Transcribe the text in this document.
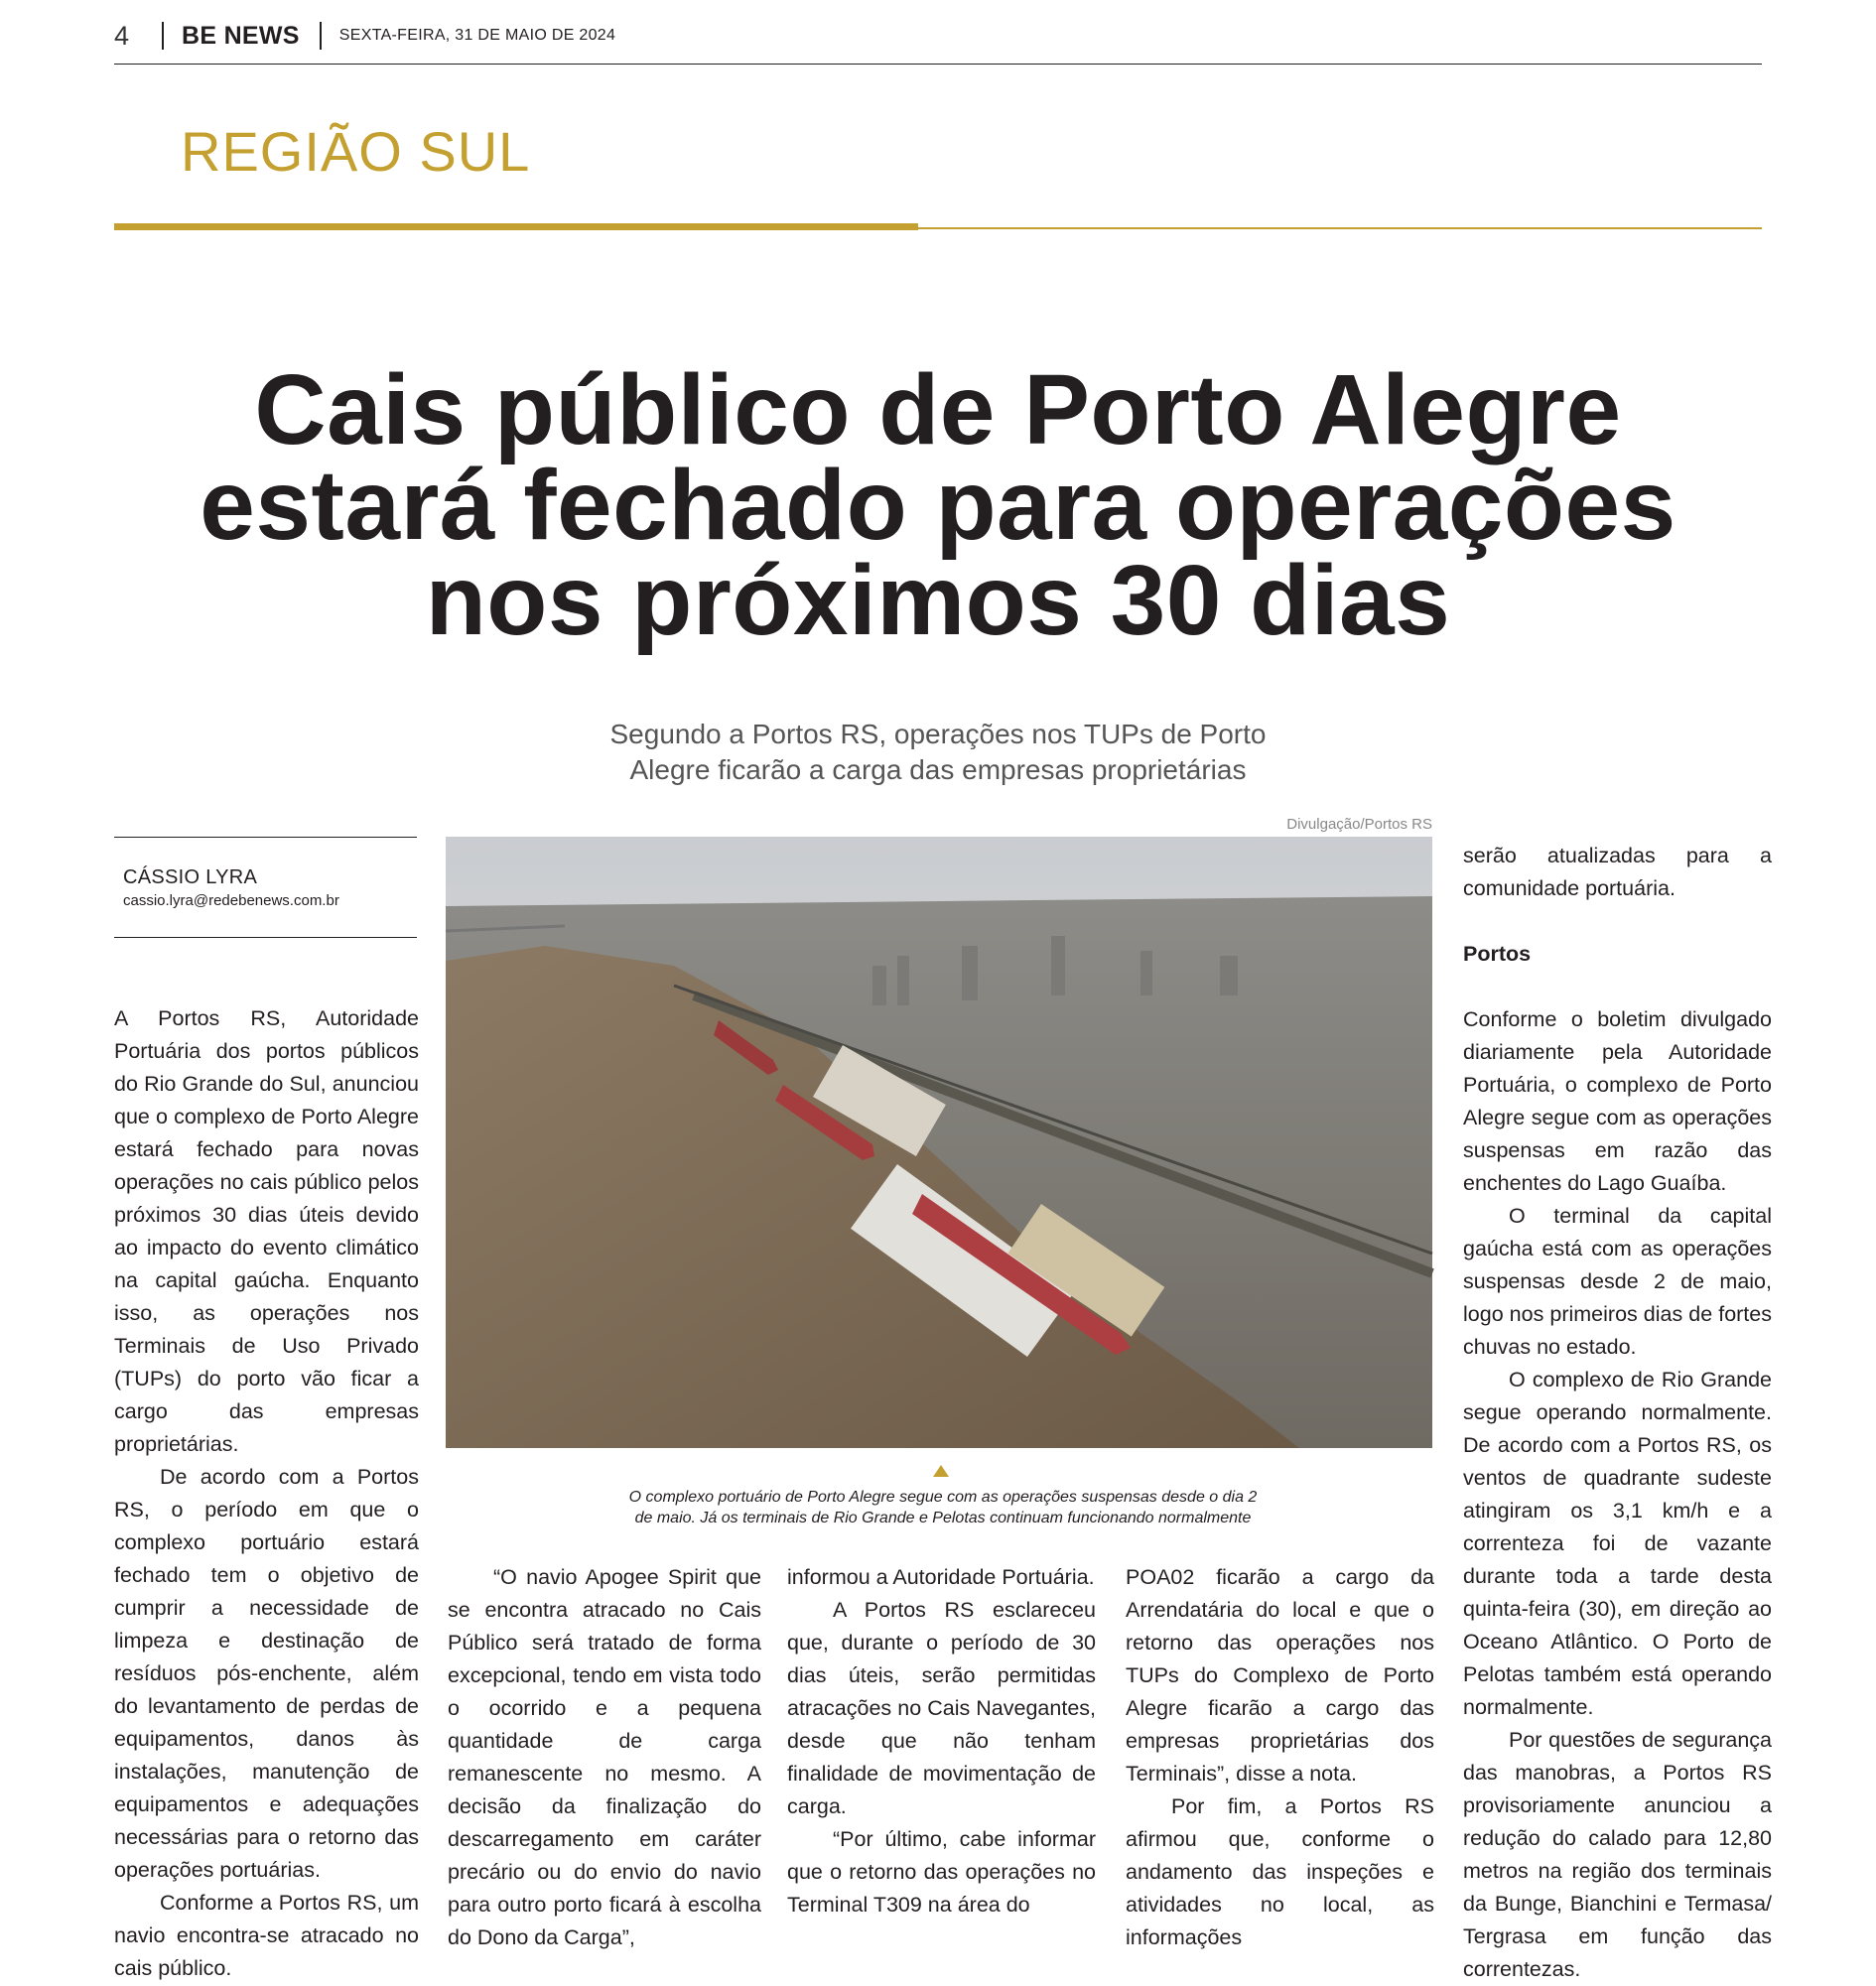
4	BE NEWS	SEXTA-FEIRA, 31 DE MAIO DE 2024
REGIÃO SUL
Cais público de Porto Alegre
estará fechado para operações
nos próximos 30 dias
Segundo a Portos RS, operações nos TUPs de Porto
Alegre ficarão a carga das empresas proprietárias
CÁSSIO LYRA
cassio.lyra@redebenews.com.br
Divulgação/Portos RS
O complexo portuário de Porto Alegre segue com as operações suspensas desde o dia 2
de maio. Já os terminais de Rio Grande e Pelotas continuam funcionando normalmente

A Portos RS, Autoridade Portuária dos portos públicos do Rio Grande do Sul, anunciou que o complexo de Porto Alegre estará fechado para novas operações no cais público pelos próximos 30 dias úteis devido ao impacto do evento climático na capital gaúcha. Enquanto isso, as operações nos Terminais de Uso Privado (TUPs) do porto vão ficar a cargo das empresas proprietárias.

De acordo com a Portos RS, o período em que o complexo portuário estará fechado tem o objetivo de cumprir a necessidade de limpeza e destinação de resíduos pós-enchente, além do levantamento de perdas de equipamentos, danos às instalações, manutenção de equipamentos e adequações necessárias para o retorno das operações portuárias.

Conforme a Portos RS, um navio encontra-se atracado no cais público.

“O navio Apogee Spirit que se encontra atracado no Cais Público será tratado de forma excepcional, tendo em vista todo o ocorrido e a pequena quantidade de carga remanescente no mesmo. A decisão da finalização do descarregamento em caráter precário ou do envio do navio para outro porto ficará à escolha do Dono da Carga”,

informou a Autoridade Portuária.

A Portos RS esclareceu que, durante o período de 30 dias úteis, serão permitidas atracações no Cais Navegantes, desde que não tenham finalidade de movimentação de carga.

“Por último, cabe informar que o retorno das operações no Terminal T309 na área do

POA02 ficarão a cargo da Arrendatária do local e que o retorno das operações nos TUPs do Complexo de Porto Alegre ficarão a cargo das empresas proprietárias dos Terminais”, disse a nota.

Por fim, a Portos RS afirmou que, conforme o andamento das inspeções e atividades no local, as informações

serão atualizadas para a comunidade portuária.

Portos

Conforme o boletim divulgado diariamente pela Autoridade Portuária, o complexo de Porto Alegre segue com as operações suspensas em razão das enchentes do Lago Guaíba.

O terminal da capital gaúcha está com as operações suspensas desde 2 de maio, logo nos primeiros dias de fortes chuvas no estado.

O complexo de Rio Grande segue operando normalmente. De acordo com a Portos RS, os ventos de quadrante sudeste atingiram os 3,1 km/h e a correnteza foi de vazante durante toda a tarde desta quinta-feira (30), em direção ao Oceano Atlântico. O Porto de Pelotas também está operando normalmente.

Por questões de segurança das manobras, a Portos RS provisoriamente anunciou a redução do calado para 12,80 metros na região dos terminais da Bunge, Bianchini e Termasa/ Tergrasa em função das correntezas.
